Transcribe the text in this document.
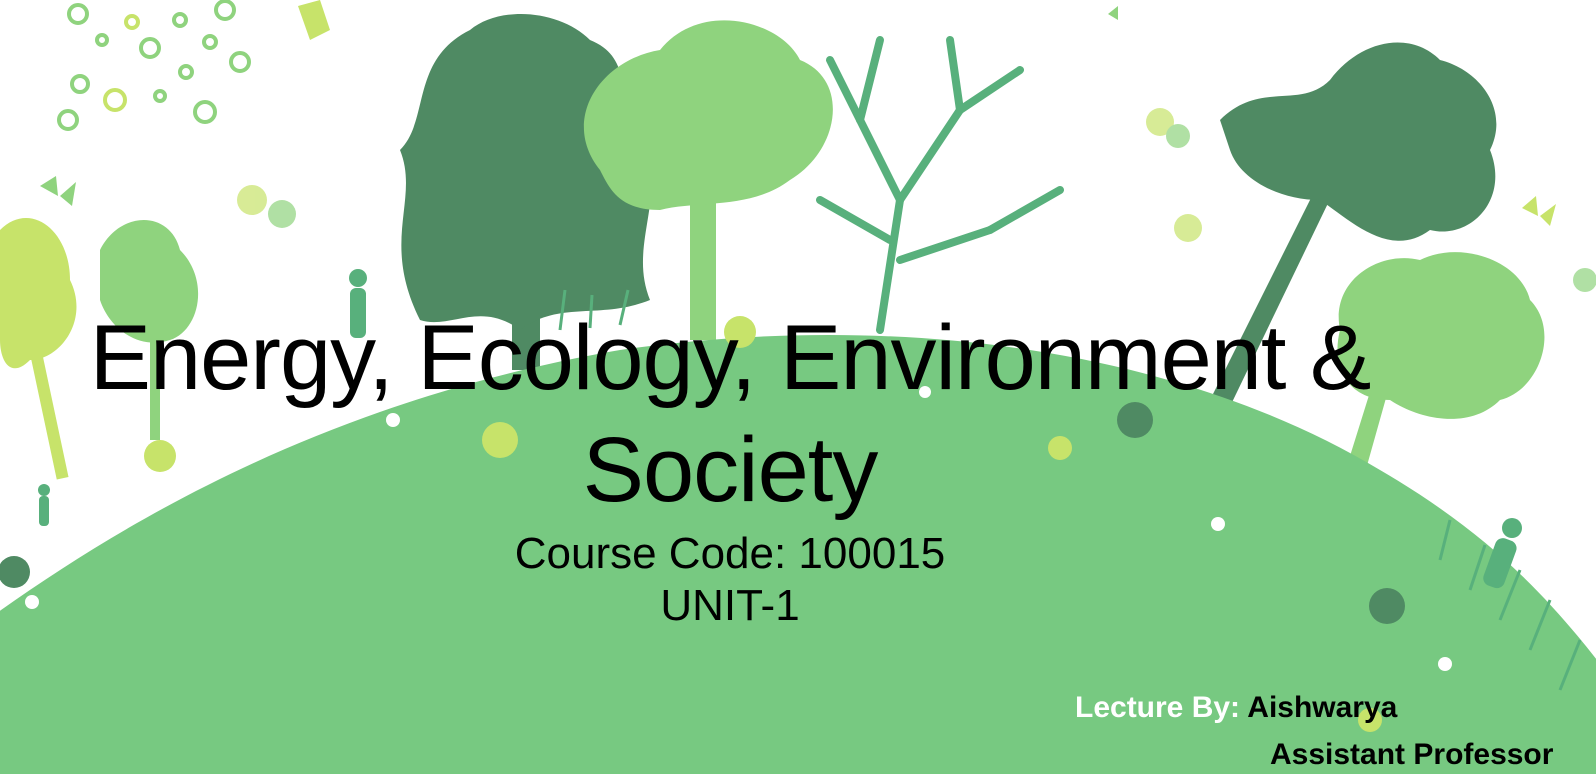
Energy, Ecology, Environment &
Society
Course Code: 100015
UNIT-1
Lecture By: Aishwarya
Assistant Professor
